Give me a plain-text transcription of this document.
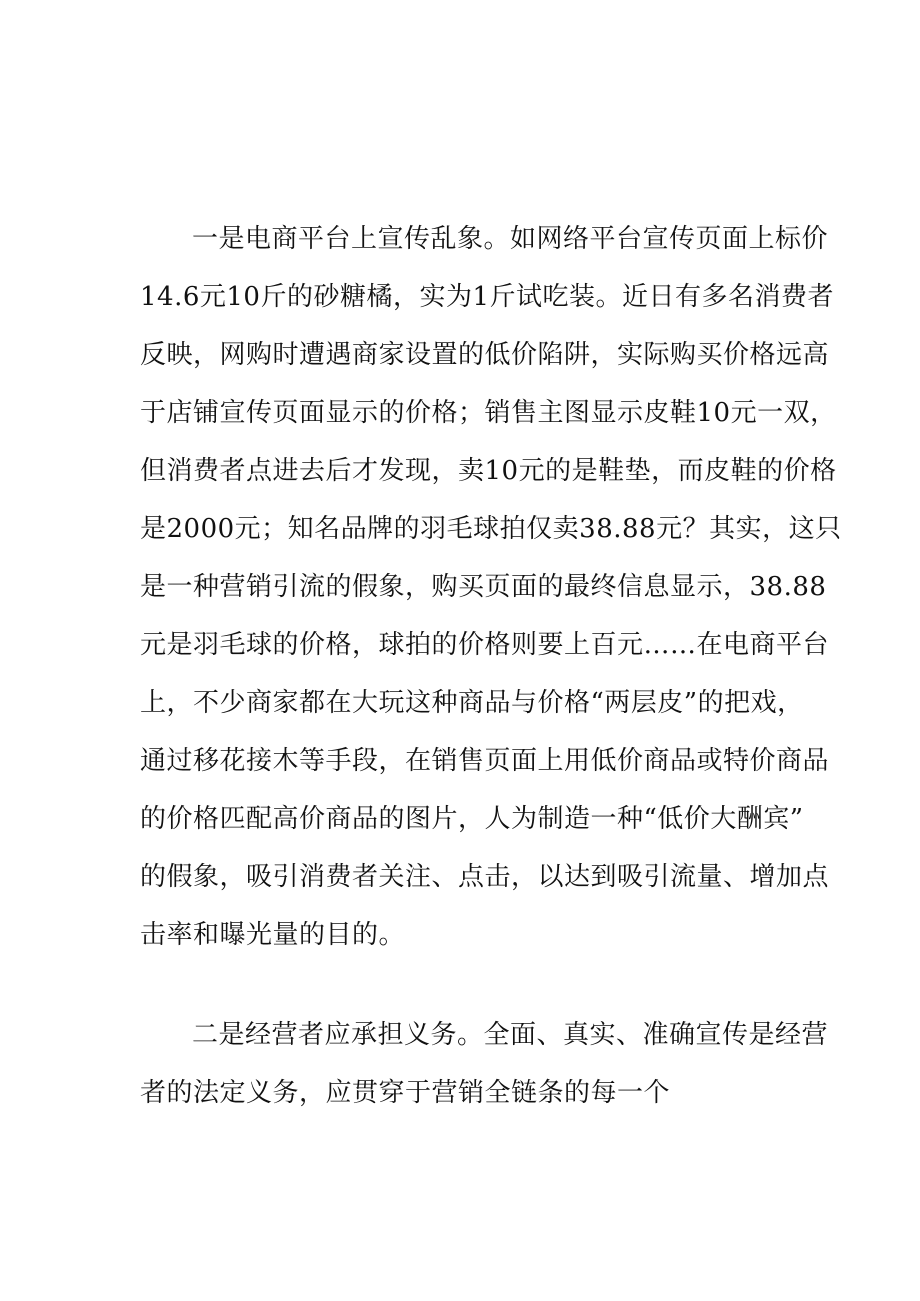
一是电商平台上宣传乱象。如网络平台宣传页面上标价
14.6元10斤的砂糖橘，实为1斤试吃装。近日有多名消费者
反映，网购时遭遇商家设置的低价陷阱，实际购买价格远高
于店铺宣传页面显示的价格；销售主图显示皮鞋10元一双，
但消费者点进去后才发现，卖10元的是鞋垫，而皮鞋的价格
是2000元；知名品牌的羽毛球拍仅卖38.88元？其实，这只
是一种营销引流的假象，购买页面的最终信息显示，38.88
元是羽毛球的价格，球拍的价格则要上百元……在电商平台
上，不少商家都在大玩这种商品与价格“两层皮”的把戏，
通过移花接木等手段，在销售页面上用低价商品或特价商品
的价格匹配高价商品的图片，人为制造一种“低价大酬宾”
的假象，吸引消费者关注、点击，以达到吸引流量、增加点
击率和曝光量的目的。
二是经营者应承担义务。全面、真实、准确宣传是经营
者的法定义务，应贯穿于营销全链条的每一个
